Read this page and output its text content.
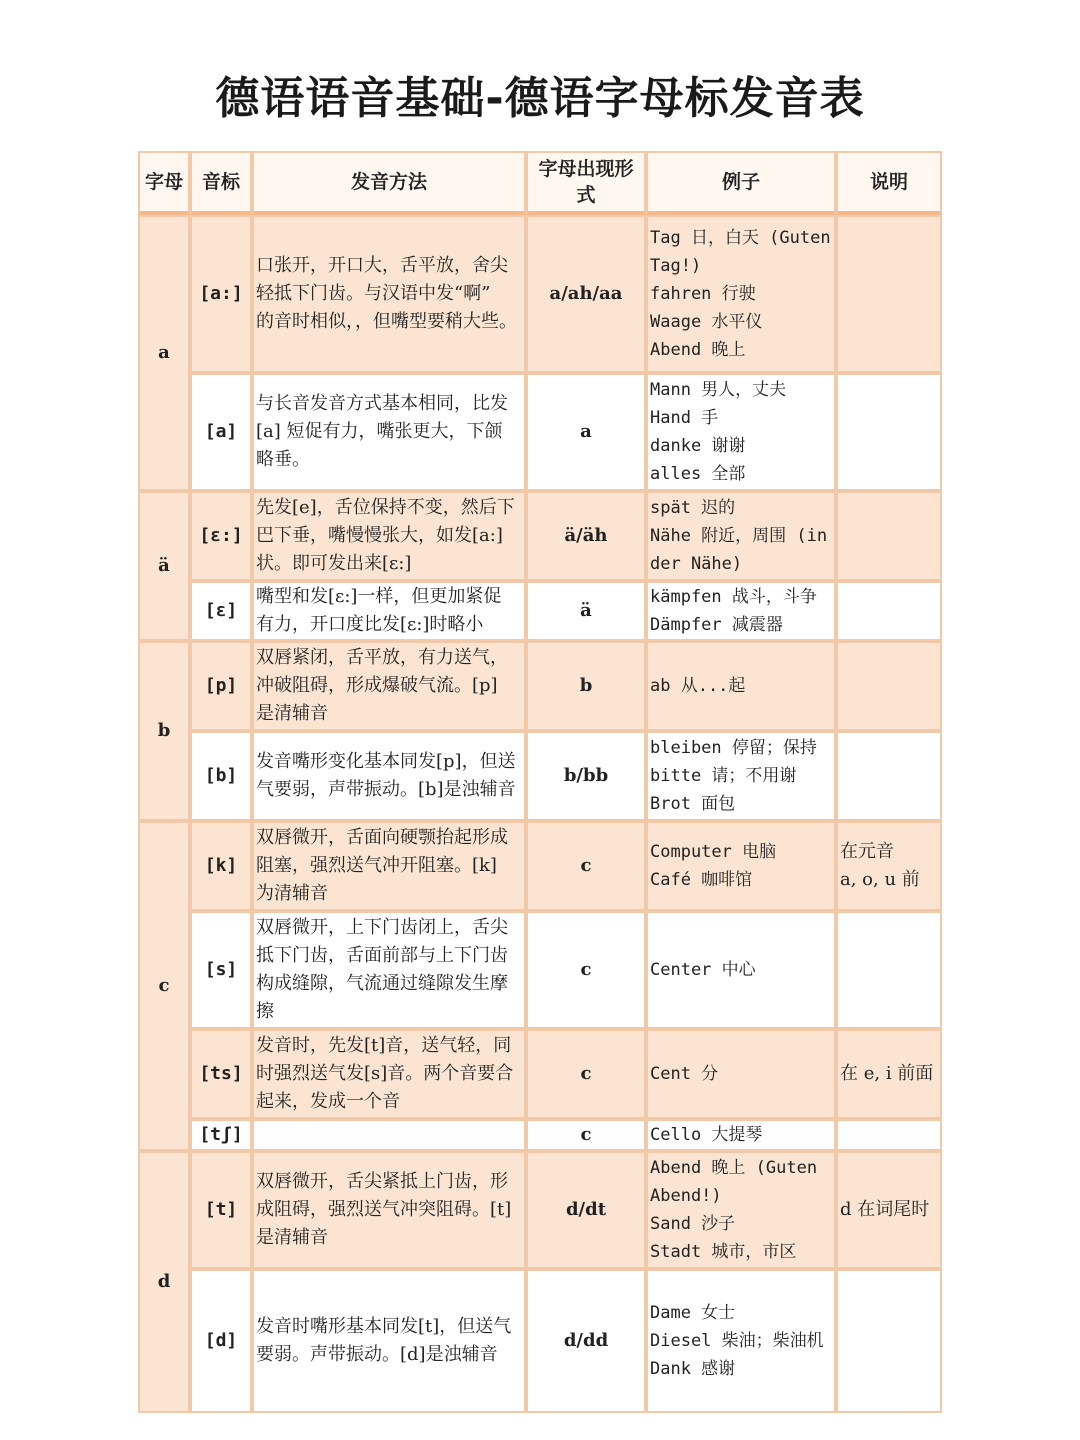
德语语音基础-德语字母标发音表
字母	音标	发音方法	字母出现形式	例子	说明
a	[a:]	口张开，开口大，舌平放，舍尖
轻抵下门齿。与汉语中发“啊”
的音时相似，，但嘴型要稍大些。	a/ah/aa	Tag 日，白天 (Guten
Tag!)
fahren 行驶
Waage 水平仪
Abend 晚上	

	[a]	与长音发音方式基本相同，比发
[a] 短促有力，嘴张更大，下颌
略垂。	a	Mann 男人，丈夫
Hand 手
danke 谢谢
alles 全部	

ä	[ɛ:]	先发[e]，舌位保持不变，然后下
巴下垂，嘴慢慢张大，如发[a:]
状。即可发出来[ɛ:]	ä/äh	spät 迟的
Nähe 附近，周围 (in
der Nähe)	

	[ɛ]	嘴型和发[ɛ:]一样，但更加紧促
有力，开口度比发[ɛ:]时略小	ä	kämpfen 战斗，斗争
Dämpfer 减震器	

b	[p]	双唇紧闭，舌平放，有力送气，
冲破阻碍，形成爆破气流。[p]
是清辅音	b	ab 从...起	

	[b]	发音嘴形变化基本同发[p]，但送
气要弱，声带振动。[b]是浊辅音	b/bb	bleiben 停留；保持
bitte 请；不用谢
Brot 面包	

c	[k]	双唇微开，舌面向硬颚抬起形成
阻塞，强烈送气冲开阻塞。[k]
为清辅音	c	Computer 电脑
Café 咖啡馆	在元音
a, o, u 前

	[s]	双唇微开，上下门齿闭上，舌尖
抵下门齿，舌面前部与上下门齿
构成缝隙，气流通过缝隙发生摩
擦	c	Center 中心	

	[ts]	发音时，先发[t]音，送气轻，同
时强烈送气发[s]音。两个音要合
起来，发成一个音	c	Cent 分	在 e, i 前面

	[tʃ]		c	Cello 大提琴	

d	[t]	双唇微开，舌尖紧抵上门齿，形
成阻碍，强烈送气冲突阻碍。[t]
是清辅音	d/dt	Abend 晚上 (Guten
Abend!)
Sand 沙子
Stadt 城市，市区	d 在词尾时

	[d]	发音时嘴形基本同发[t]，但送气
要弱。声带振动。[d]是浊辅音	d/dd	Dame 女士
Diesel 柴油；柴油机
Dank 感谢	
